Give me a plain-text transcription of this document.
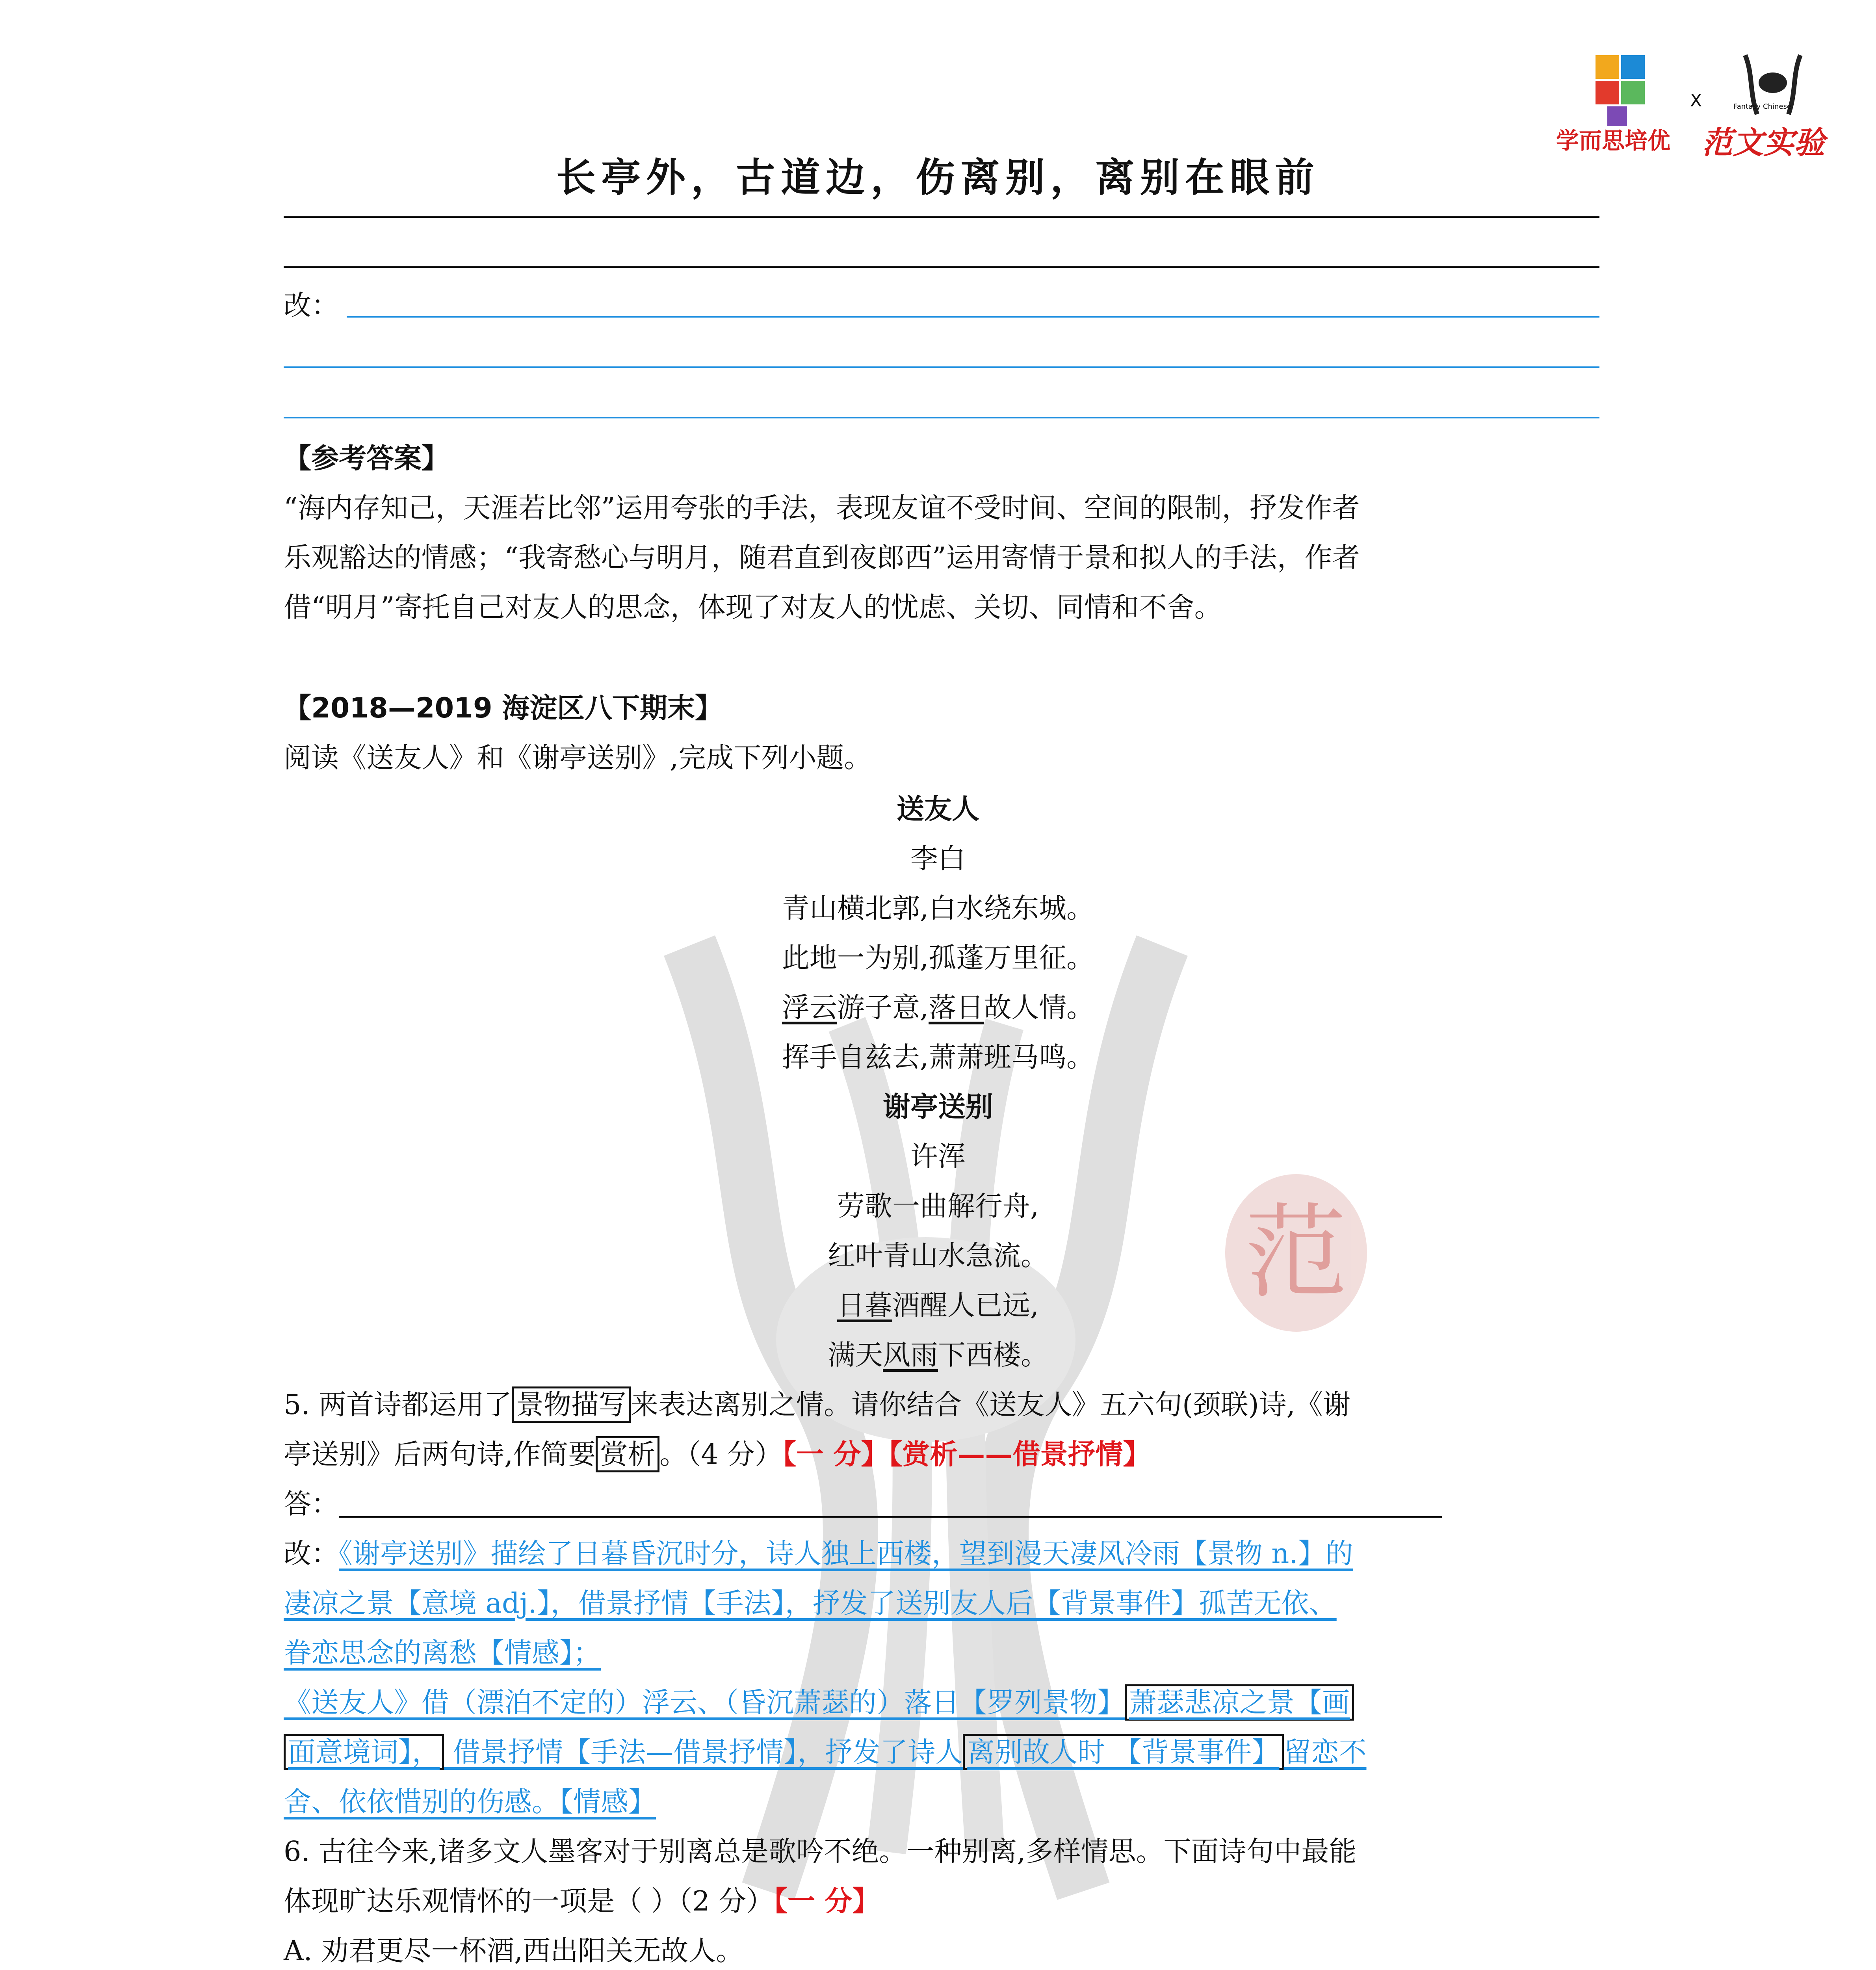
范
学而思培优
X	Fantasy Chinese
范文实验
长亭外，古道边，伤离别，离别在眼前
改：
【参考答案】
“海内存知己，天涯若比邻”运用夸张的手法，表现友谊不受时间、空间的限制，抒发作者
乐观豁达的情感；“我寄愁心与明月，随君直到夜郎西”运用寄情于景和拟人的手法，作者
借“明月”寄托自己对友人的思念，体现了对友人的忧虑、关切、同情和不舍。
【2018—2019 海淀区八下期末】
阅读《送友人》和《谢亭送别》,完成下列小题。
送友人
李白
青山横北郭,白水绕东城。
此地一为别,孤蓬万里征。
浮云游子意,落日故人情。
挥手自兹去,萧萧班马鸣。
谢亭送别
许浑
劳歌一曲解行舟,
红叶青山水急流。
日暮酒醒人已远,
满天风雨下西楼。
5. 两首诗都运用了 景物描写 来表达离别之情。请你结合《送友人》五六句(颈联)诗,《谢
亭送别》后两句诗,作简要 赏析 。（4 分）【一 分】【赏析——借景抒情】
答：
改：《谢亭送别》描绘了日暮昏沉时分，诗人独上西楼，望到漫天凄风冷雨【景物 n.】的
凄凉之景【意境 adj.】，借景抒情【手法】，抒发了送别友人后【背景事件】孤苦无依、
眷恋思念的离愁【情感】；
《送友人》借（漂泊不定的）浮云、（昏沉萧瑟的）落日【罗列景物】 萧瑟悲凉之景【画
面意境词】， 借景抒情【手法—借景抒情】，抒发了诗人 离别故人时 【背景事件】 留恋不
舍、依依惜别的伤感。【情感】
6. 古往今来,诸多文人墨客对于别离总是歌吟不绝。一种别离,多样情思。下面诗句中最能
体现旷达乐观情怀的一项是（ ）（2 分）【一 分】
A. 劝君更尽一杯酒,西出阳关无故人。
